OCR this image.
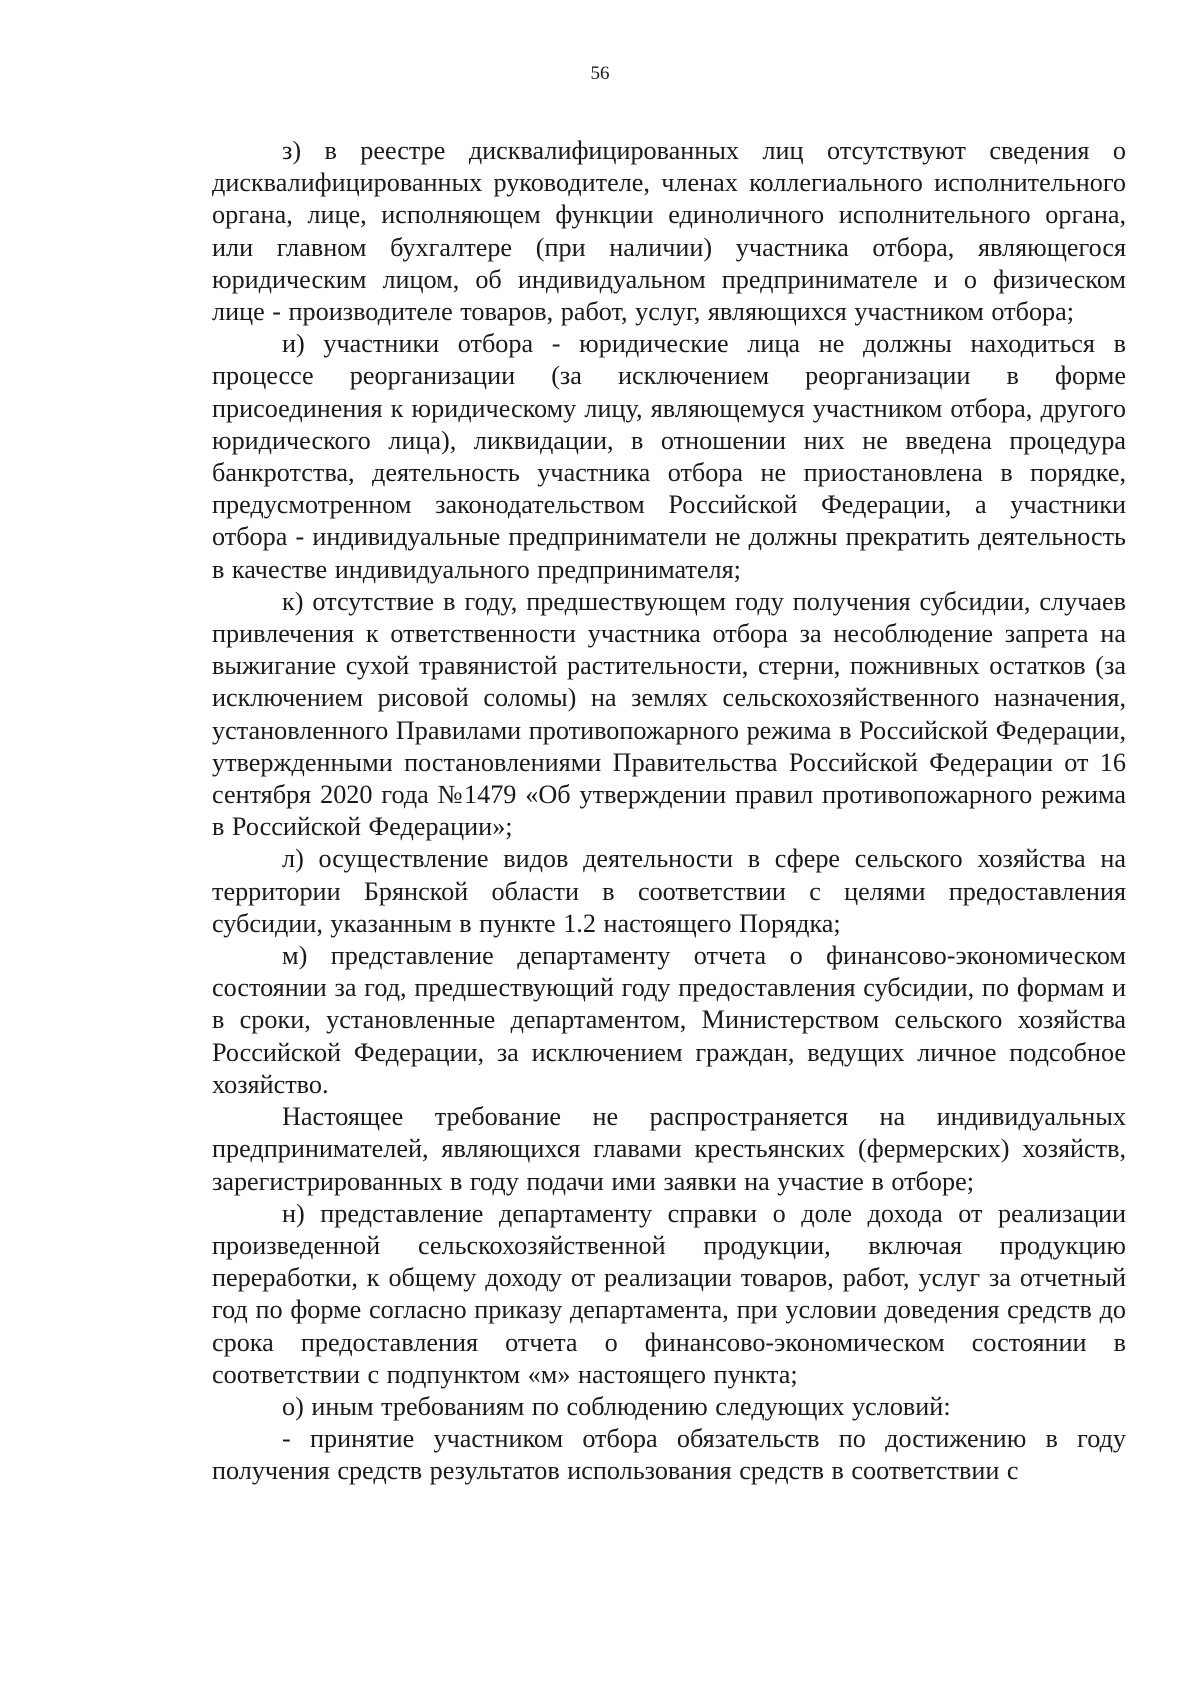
56

з) в реестре дисквалифицированных лиц отсутствуют сведения о дисквалифицированных руководителе, членах коллегиального исполнительного органа, лице, исполняющем функции единоличного исполнительного органа, или главном бухгалтере (при наличии) участника отбора, являющегося юридическим лицом, об индивидуальном предпринимателе и о физическом лице - производителе товаров, работ, услуг, являющихся участником отбора;

и) участники отбора - юридические лица не должны находиться в процессе реорганизации (за исключением реорганизации в форме присоединения к юридическому лицу, являющемуся участником отбора, другого юридического лица), ликвидации, в отношении них не введена процедура банкротства, деятельность участника отбора не приостановлена в порядке, предусмотренном законодательством Российской Федерации, а участники отбора - индивидуальные предприниматели не должны прекратить деятельность в качестве индивидуального предпринимателя;

к) отсутствие в году, предшествующем году получения субсидии, случаев привлечения к ответственности участника отбора за несоблюдение запрета на выжигание сухой травянистой растительности, стерни, пожнивных остатков (за исключением рисовой соломы) на землях сельскохозяйственного назначения, установленного Правилами противопожарного режима в Российской Федерации, утвержденными постановлениями Правительства Российской Федерации от 16 сентября 2020 года №1479 «Об утверждении правил противопожарного режима в Российской Федерации»;

л) осуществление видов деятельности в сфере сельского хозяйства на территории Брянской области в соответствии с целями предоставления субсидии, указанным в пункте 1.2 настоящего Порядка;

м) представление департаменту отчета о финансово-экономическом состоянии за год, предшествующий году предоставления субсидии, по формам и в сроки, установленные департаментом, Министерством сельского хозяйства Российской Федерации, за исключением граждан, ведущих личное подсобное хозяйство.

Настоящее требование не распространяется на индивидуальных предпринимателей, являющихся главами крестьянских (фермерских) хозяйств, зарегистрированных в году подачи ими заявки на участие в отборе;

н) представление департаменту справки о доле дохода от реализации произведенной сельскохозяйственной продукции, включая продукцию переработки, к общему доходу от реализации товаров, работ, услуг за отчетный год по форме согласно приказу департамента, при условии доведения средств до срока предоставления отчета о финансово-экономическом состоянии в соответствии с подпунктом «м» настоящего пункта;

о) иным требованиям по соблюдению следующих условий:

- принятие участником отбора обязательств по достижению в году получения средств результатов использования средств в соответствии с
